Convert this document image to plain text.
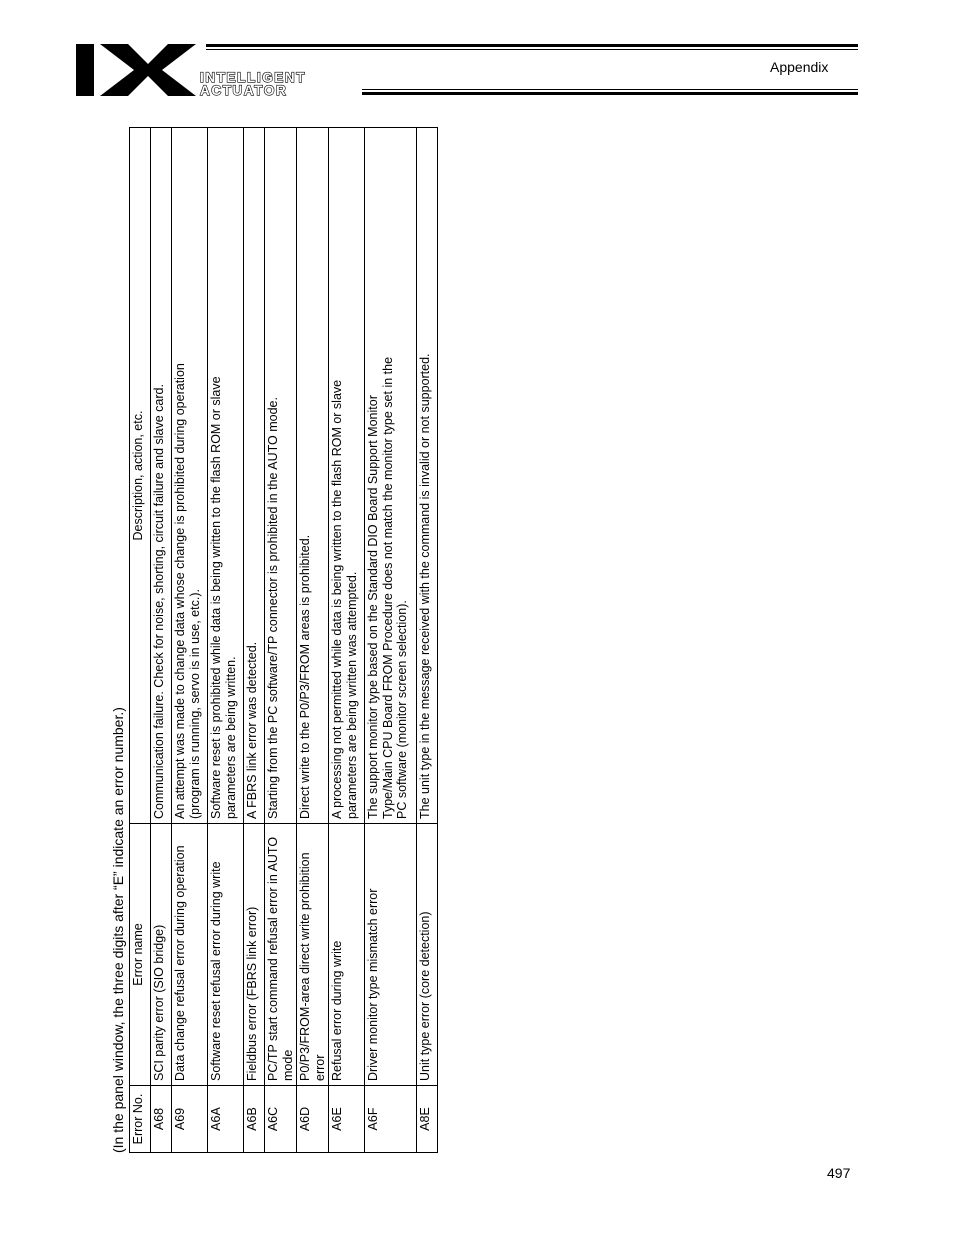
INTELLIGENT
ACTUATOR
Appendix
(In the panel window, the three digits after “E” indicate an error number.) Error No.	Error name	Description, action, etc.
A68	SCI parity error (SIO bridge)	Communication failure. Check for noise, shorting, circuit failure and slave card.

A69	Data change refusal error during operation	An attempt was made to change data whose change is prohibited during operation (program is running, servo is in use, etc.).

A6A	Software reset refusal error during write	Software reset is prohibited while data is being written to the flash ROM or slave parameters are being written.

A6B	Fieldbus error (FBRS link error)	A FBRS link error was detected.

A6C	PC/TP start command refusal error in AUTO mode	Starting from the PC software/TP connector is prohibited in the AUTO mode.

A6D	P0/P3/FROM-area direct write prohibition error	Direct write to the P0/P3/FROM areas is prohibited.

A6E	Refusal error during write	A processing not permitted while data is being written to the flash ROM or slave parameters are being written was attempted.

A6F	Driver monitor type mismatch error	The support monitor type based on the Standard DIO Board Support Monitor Type/Main CPU Board FROM Procedure does not match the monitor type set in the PC software (monitor screen selection).

A8E	Unit type error (core detection)	The unit type in the message received with the command is invalid or not supported.
497
